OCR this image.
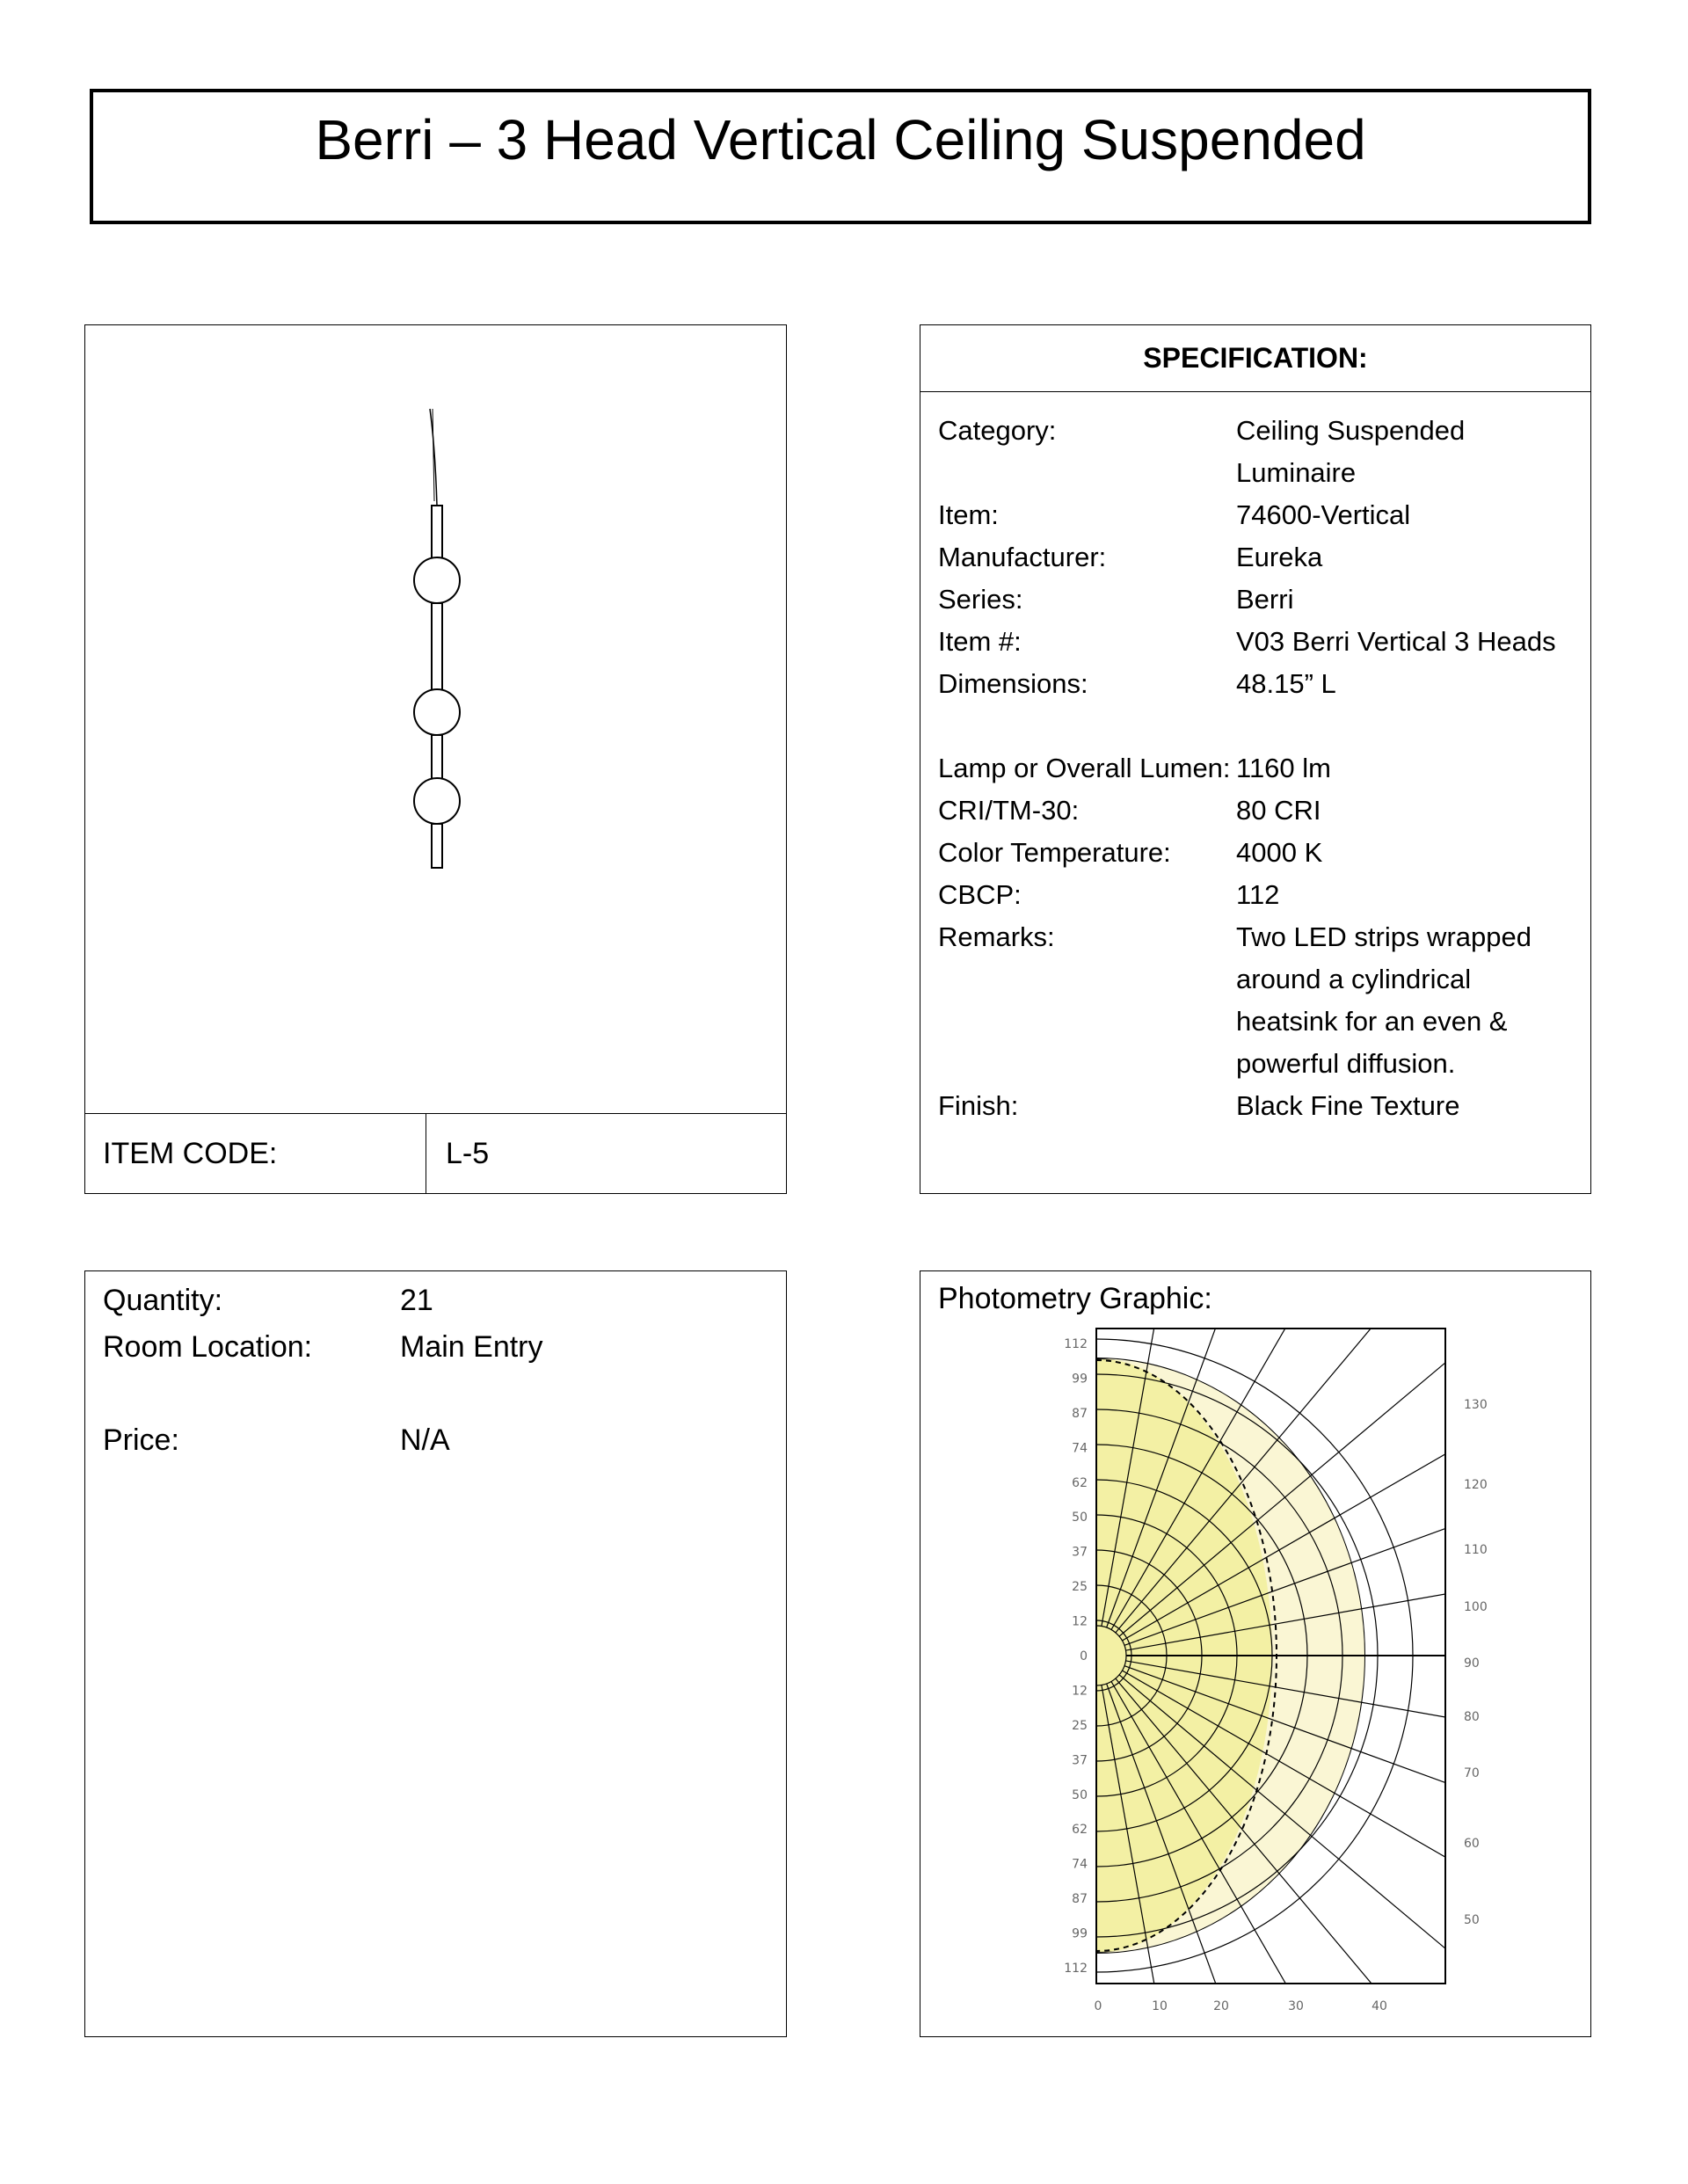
Berri – 3 Head Vertical Ceiling Suspended
ITEM CODE:	L-5
SPECIFICATION:
Category:	Ceiling Suspended
Luminaire
Item:	74600-Vertical
Manufacturer:	Eureka
Series:	Berri
Item #:	V03 Berri Vertical 3 Heads
Dimensions:	48.15” L
Lamp or Overall Lumen: 1160 lm
CRI/TM-30:	80 CRI
Color Temperature: 4000 K
CBCP:	112
Remarks:	Two LED strips wrapped
around a cylindrical
heatsink for an even &
powerful diffusion.
Finish:	Black Fine Texture
Quantity:	21
Room Location:	Main Entry
Price:	N/A
Photometry Graphic:
112
99
87
74
62
50
37
25
12
0
12
25
37
50
62
74
87
99
112
130
120
110
100
90
80
70
60
50
0	10	20	30	40
